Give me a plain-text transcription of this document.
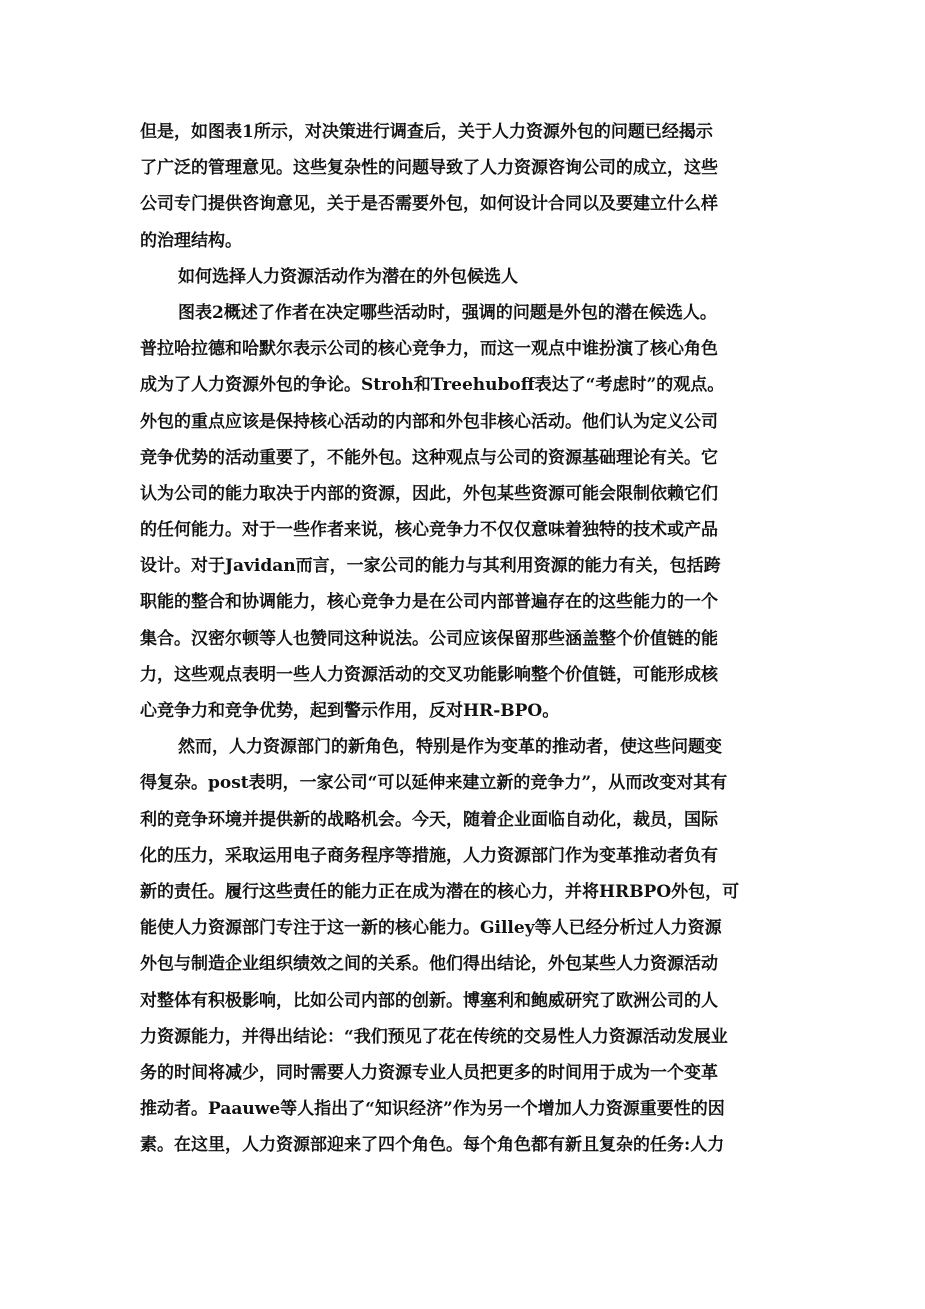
但是，如图表1所示，对决策进行调查后，关于人力资源外包的问题已经揭示
了广泛的管理意见。这些复杂性的问题导致了人力资源咨询公司的成立，这些
公司专门提供咨询意见，关于是否需要外包，如何设计合同以及要建立什么样
的治理结构。
如何选择人力资源活动作为潜在的外包候选人
图表2概述了作者在决定哪些活动时，强调的问题是外包的潜在候选人。
普拉哈拉德和哈默尔表示公司的核心竞争力，而这一观点中谁扮演了核心角色
成为了人力资源外包的争论。Stroh和Treehuboff表达了“考虑时”的观点。
外包的重点应该是保持核心活动的内部和外包非核心活动。他们认为定义公司
竞争优势的活动重要了，不能外包。这种观点与公司的资源基础理论有关。它
认为公司的能力取决于内部的资源，因此，外包某些资源可能会限制依赖它们
的任何能力。对于一些作者来说，核心竞争力不仅仅意味着独特的技术或产品
设计。对于Javidan而言，一家公司的能力与其利用资源的能力有关，包括跨
职能的整合和协调能力，核心竞争力是在公司内部普遍存在的这些能力的一个
集合。汉密尔顿等人也赞同这种说法。公司应该保留那些涵盖整个价值链的能
力，这些观点表明一些人力资源活动的交叉功能影响整个价值链，可能形成核
心竞争力和竞争优势，起到警示作用，反对HR-BPO。
然而，人力资源部门的新角色，特别是作为变革的推动者，使这些问题变
得复杂。post表明，一家公司“可以延伸来建立新的竞争力”，从而改变对其有
利的竞争环境并提供新的战略机会。今天，随着企业面临自动化，裁员，国际
化的压力，采取运用电子商务程序等措施，人力资源部门作为变革推动者负有
新的责任。履行这些责任的能力正在成为潜在的核心力，并将HRBPO外包，可
能使人力资源部门专注于这一新的核心能力。Gilley等人已经分析过人力资源
外包与制造企业组织绩效之间的关系。他们得出结论，外包某些人力资源活动
对整体有积极影响，比如公司内部的创新。博塞利和鲍威研究了欧洲公司的人
力资源能力，并得出结论：“我们预见了花在传统的交易性人力资源活动发展业
务的时间将减少，同时需要人力资源专业人员把更多的时间用于成为一个变革
推动者。Paauwe等人指出了“知识经济”作为另一个增加人力资源重要性的因
素。在这里，人力资源部迎来了四个角色。每个角色都有新且复杂的任务:人力
